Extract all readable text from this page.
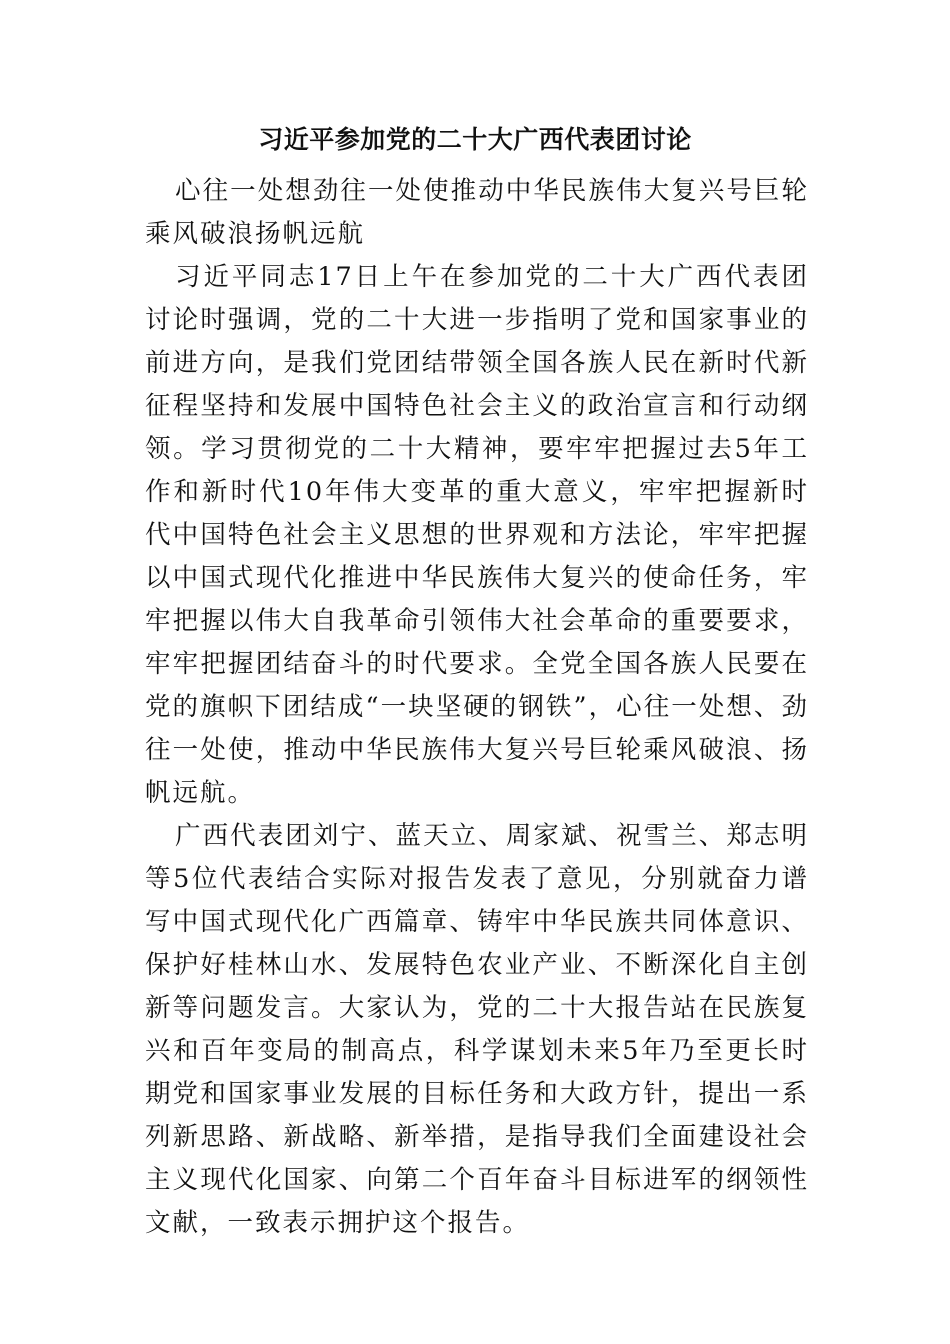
习近平参加党的二十大广西代表团讨论

心往一处想劲往一处使推动中华民族伟大复兴号巨轮乘风破浪扬帆远航

习近平同志17日上午在参加党的二十大广西代表团讨论时强调，党的二十大进一步指明了党和国家事业的前进方向，是我们党团结带领全国各族人民在新时代新征程坚持和发展中国特色社会主义的政治宣言和行动纲领。学习贯彻党的二十大精神，要牢牢把握过去5年工作和新时代10年伟大变革的重大意义，牢牢把握新时代中国特色社会主义思想的世界观和方法论，牢牢把握以中国式现代化推进中华民族伟大复兴的使命任务，牢牢把握以伟大自我革命引领伟大社会革命的重要要求，牢牢把握团结奋斗的时代要求。全党全国各族人民要在党的旗帜下团结成“一块坚硬的钢铁”，心往一处想、劲往一处使，推动中华民族伟大复兴号巨轮乘风破浪、扬帆远航。

广西代表团刘宁、蓝天立、周家斌、祝雪兰、郑志明等5位代表结合实际对报告发表了意见，分别就奋力谱写中国式现代化广西篇章、铸牢中华民族共同体意识、保护好桂林山水、发展特色农业产业、不断深化自主创新等问题发言。大家认为，党的二十大报告站在民族复兴和百年变局的制高点，科学谋划未来5年乃至更长时期党和国家事业发展的目标任务和大政方针，提出一系列新思路、新战略、新举措，是指导我们全面建设社会主义现代化国家、向第二个百年奋斗目标进军的纲领性文献，一致表示拥护这个报告。
